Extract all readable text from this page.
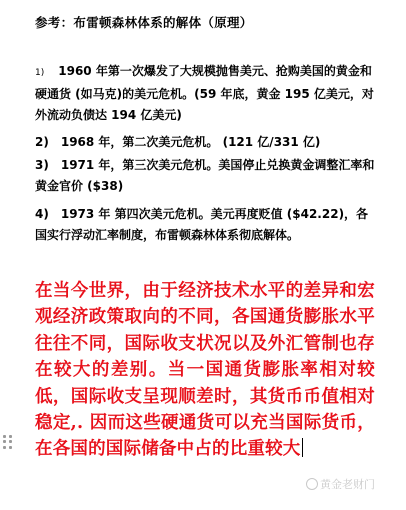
参考：布雷顿森林体系的解体（原理）
1) 1960 年第一次爆发了大规模抛售美元、抢购美国的黄金和硬通货 (如马克)的美元危机。(59 年底，黄金 195 亿美元，对外流动负债达 194 亿美元)
2) 1968 年，第二次美元危机。 (121 亿/331 亿)
3) 1971 年，第三次美元危机。美国停止兑换黄金调整汇率和黄金官价 ($38)
4) 1973 年 第四次美元危机。美元再度贬值 ($42.22)，各国实行浮动汇率制度，布雷顿森林体系彻底解体。
在当今世界，由于经济技术水平的差异和宏观经济政策取向的不同，各国通货膨胀水平往往不同，国际收支状况以及外汇管制也存在较大的差别。当一国通货膨胀率相对较低，国际收支呈现顺差时，其货币币值相对稳定,. 因而这些硬通货可以充当国际货币，在各国的国际储备中占的比重较大
黄金老财门
